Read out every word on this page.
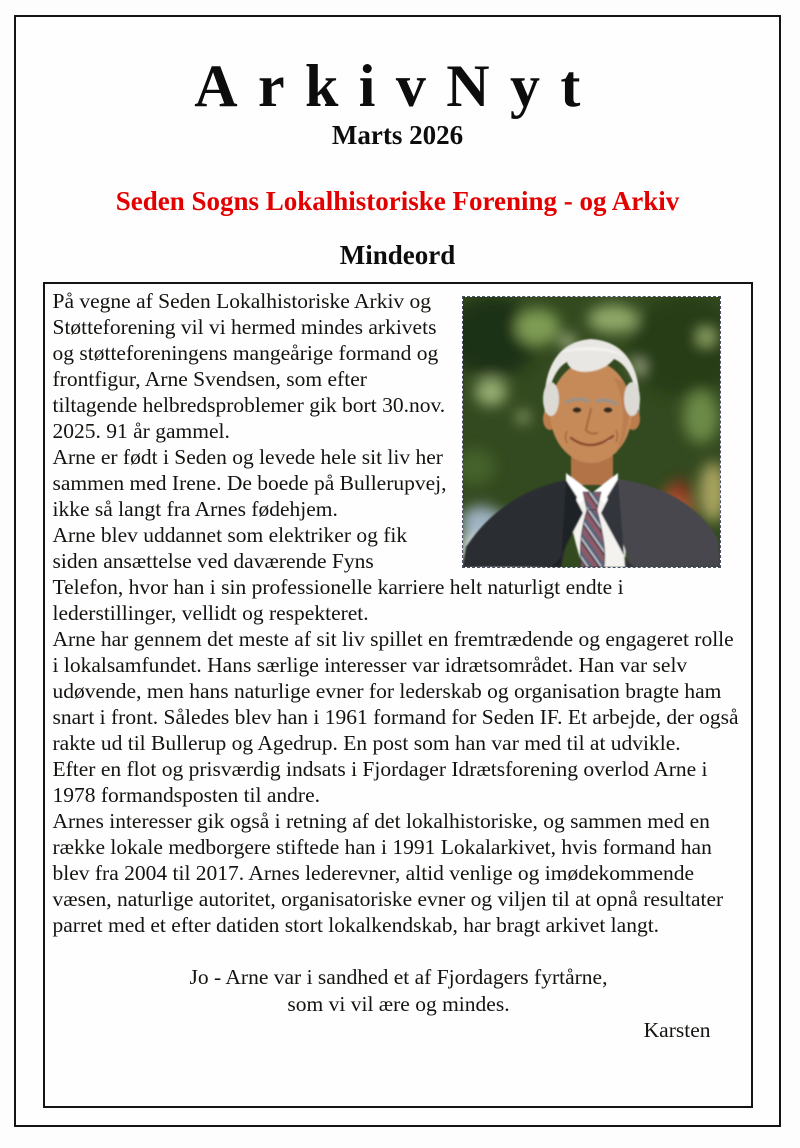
ArkivNyt
Marts 2026
Seden Sogns Lokalhistoriske Forening - og Arkiv
Mindeord

På vegne af Seden Lokalhistoriske Arkiv og Støtteforening vil vi hermed mindes arkivets og støtteforeningens mangeårige formand og frontfigur, Arne Svendsen, som efter tiltagende helbredsproblemer gik bort 30.nov. 2025. 91 år gammel.

Arne er født i Seden og levede hele sit liv her sammen med Irene. De boede på Bullerupvej, ikke så langt fra Arnes fødehjem.

Arne blev uddannet som elektriker og fik siden ansættelse ved daværende Fyns Telefon, hvor han i sin professionelle karriere helt naturligt endte i lederstillinger, vellidt og respekteret.

Arne har gennem det meste af sit liv spillet en fremtrædende og engageret rolle i lokalsamfundet. Hans særlige interesser var idrætsområdet. Han var selv udøvende, men hans naturlige evner for lederskab og organisation bragte ham snart i front. Således blev han i 1961 formand for Seden IF. Et arbejde, der også rakte ud til Bullerup og Agedrup. En post som han var med til at udvikle.

Efter en flot og prisværdig indsats i Fjordager Idrætsforening overlod Arne i 1978 formandsposten til andre.

Arnes interesser gik også i retning af det lokalhistoriske, og sammen med en række lokale medborgere stiftede han i 1991 Lokalarkivet, hvis formand han blev fra 2004 til 2017. Arnes lederevner, altid venlige og imødekommende væsen, naturlige autoritet, organisatoriske evner og viljen til at opnå resultater parret med et efter datiden stort lokalkendskab, har bragt arkivet langt.

Jo - Arne var i sandhed et af Fjordagers fyrtårne,
som vi vil ære og mindes.
Karsten
